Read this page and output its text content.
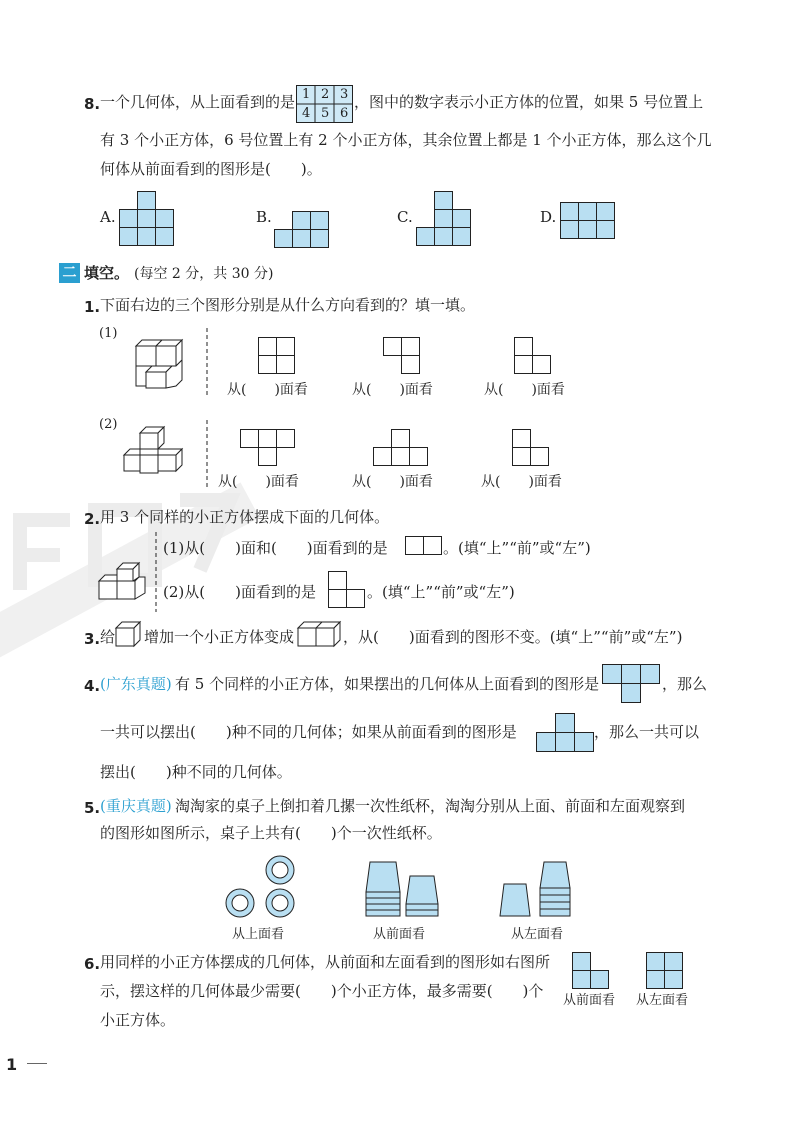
8. 一个几何体，从上面看到的是 1 2 3
4 5 6
，图中的数字表示小正方体的位置，如果 5 号位置上
有 3 个小正方体，6 号位置上有 2 个小正方体，其余位置上都是 1 个小正方体，那么这个几
何体从前面看到的图形是(　　)。
A.	B.	C.	D.
二 填空。 (每空 2 分，共 30 分)
1. 下面右边的三个图形分别是从什么方向看到的？填一填。
(1)
从(　　)面看	从(　　)面看	从(　　)面看
(2)
从(　　)面看	从(　　)面看	从(　　)面看
2. 用 3 个同样的小正方体摆成下面的几何体。
(1)从(　　)面和(　　)面看到的是	。(填“上”“前”或“左”)
(2)从(　　)面看到的是	。(填“上”“前”或“左”)
3. 给 增加一个小正方体变成	，从(　　)面看到的图形不变。(填“上”“前”或“左”)
4. (广东真题) 有 5 个同样的小正方体，如果摆出的几何体从上面看到的图形是	，那么
一共可以摆出(　　)种不同的几何体；如果从前面看到的图形是	，那么一共可以
摆出(　　)种不同的几何体。
5. (重庆真题) 淘淘家的桌子上倒扣着几摞一次性纸杯，淘淘分别从上面、前面和左面观察到
的图形如图所示，桌子上共有(　　)个一次性纸杯。
从上面看	从前面看	从左面看
6. 用同样的小正方体摆成的几何体，从前面和左面看到的图形如右图所
示，摆这样的几何体最少需要(　　)个小正方体，最多需要(　　)个
小正方体。
从前面看 从左面看
1
